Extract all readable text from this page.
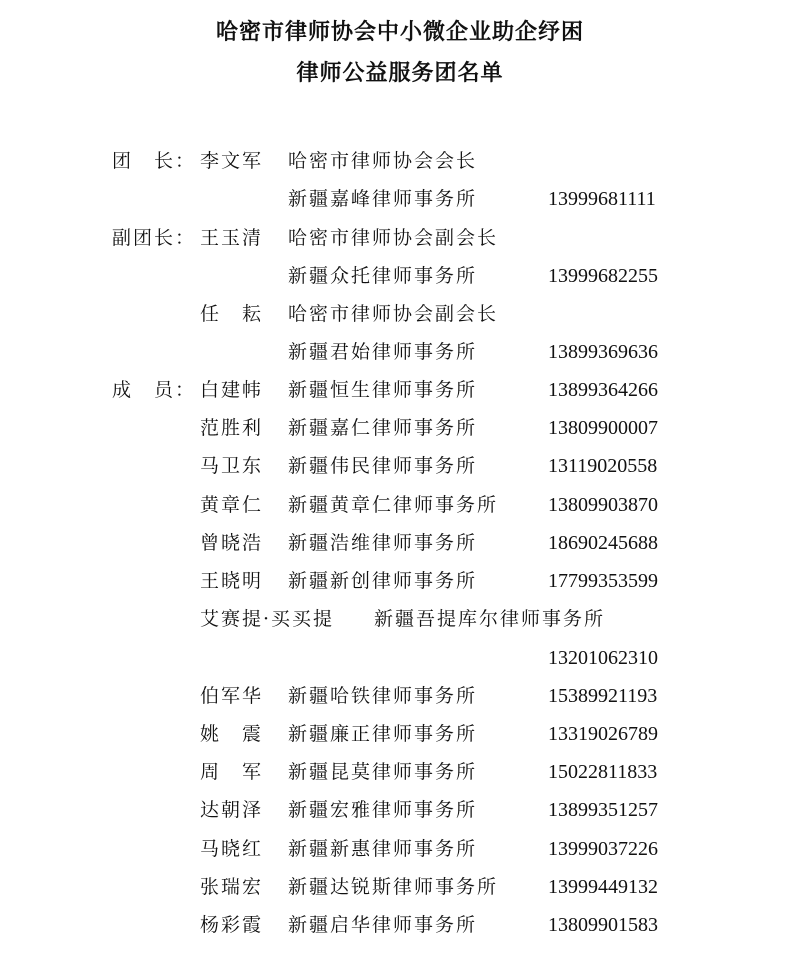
哈密市律师协会中小微企业助企纾困
律师公益服务团名单
团　长： 李文军 哈密市律师协会会长
新疆嘉峰律师事务所	13999681111
副团长： 王玉清 哈密市律师协会副会长
新疆众托律师事务所	13999682255
任　耘 哈密市律师协会副会长
新疆君始律师事务所	13899369636
成　员： 白建帏 新疆恒生律师事务所	13899364266
范胜利 新疆嘉仁律师事务所	13809900007
马卫东 新疆伟民律师事务所	13119020558
黄章仁 新疆黄章仁律师事务所 13809903870
曾晓浩 新疆浩维律师事务所	18690245688
王晓明 新疆新创律师事务所	17799353599
艾赛提·买买提 新疆吾提库尔律师事务所
13201062310
伯军华 新疆哈铁律师事务所	15389921193
姚　震 新疆廉正律师事务所	13319026789
周　军 新疆昆莫律师事务所	15022811833
达朝泽 新疆宏雅律师事务所	13899351257
马晓红 新疆新惠律师事务所	13999037226
张瑞宏 新疆达锐斯律师事务所 13999449132
杨彩霞 新疆启华律师事务所	13809901583
